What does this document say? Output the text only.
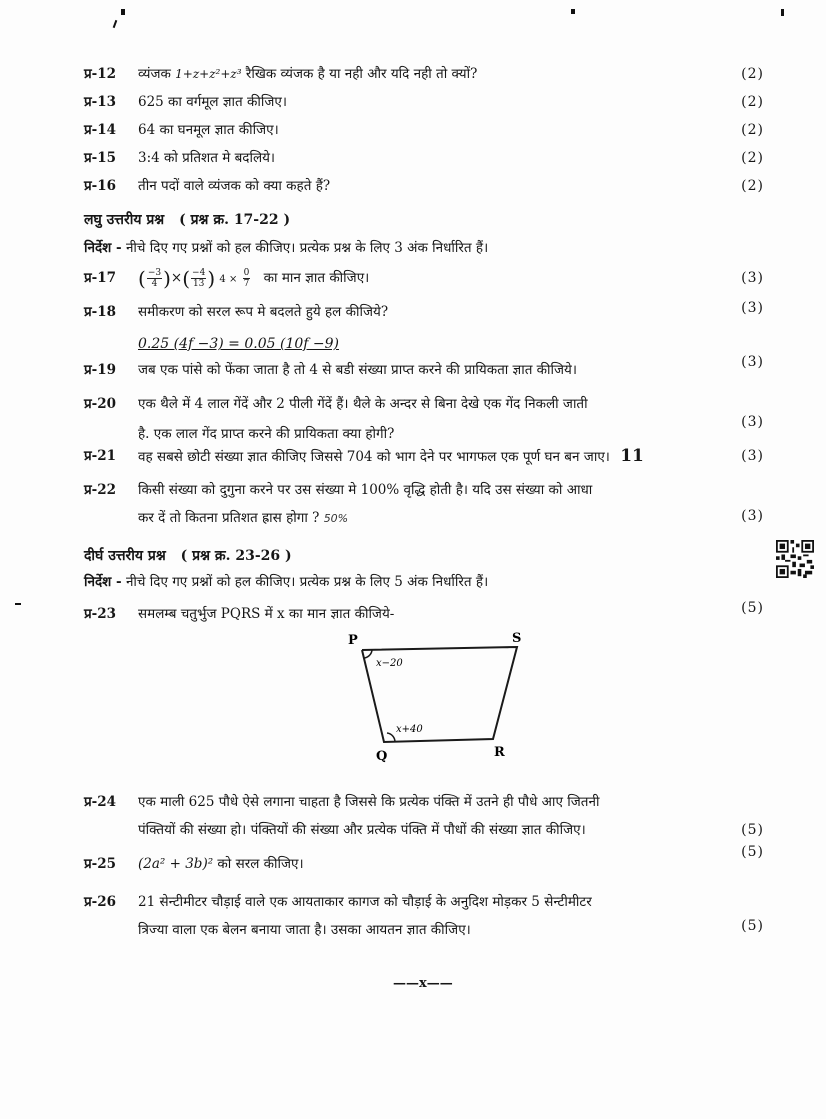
प्र-12	व्यंजक 1+z+z²+z³ रैखिक व्यंजक है या नही और यदि नही तो क्यों?	(2)
प्र-13	625 का वर्गमूल ज्ञात कीजिए।	(2)
प्र-14	64 का घनमूल ज्ञात कीजिए।	(2)
प्र-15	3:4 को प्रतिशत मे बदलिये।	(2)
प्र-16	तीन पदों वाले व्यंजक को क्या कहते हैं?	(2)
लघु उत्तरीय प्रश्न ( प्रश्न क्र. 17-22 )
निर्देश - नीचे दिए गए प्रश्नों को हल कीजिए। प्रत्येक प्रश्न के लिए 3 अंक निर्धारित हैं।
प्र-17	( $\frac{-3}{4}$ )×( $\frac{-4}{13}$ ) $4 \times \frac{0}{7}$ का मान ज्ञात कीजिए।	(3)
प्र-18	समीकरण को सरल रूप मे बदलते हुये हल कीजिये?	(3)
0.25 (4f −3) = 0.05 (10f −9)
प्र-19	जब एक पांसे को फेंका जाता है तो 4 से बडी संख्या प्राप्त करने की प्रायिकता ज्ञात कीजिये।	(3)
प्र-20	एक थैले में 4 लाल गेंदें और 2 पीली गेंदें हैं। थैले के अन्दर से बिना देखे एक गेंद निकली जाती
है. एक लाल गेंद प्राप्त करने की प्रायिकता क्या होगी?
(3)
प्र-21	वह सबसे छोटी संख्या ज्ञात कीजिए जिससे 704 को भाग देने पर भागफल एक पूर्ण घन बन जाए। 11	(3)
प्र-22	किसी संख्या को दुगुना करने पर उस संख्या मे 100% वृद्धि होती है। यदि उस संख्या को आधा
कर दें तो कितना प्रतिशत ह्रास होगा ? 50%	(3)
दीर्घ उत्तरीय प्रश्न ( प्रश्न क्र. 23-26 )
निर्देश - नीचे दिए गए प्रश्नों को हल कीजिए। प्रत्येक प्रश्न के लिए 5 अंक निर्धारित हैं।
प्र-23	समलम्ब चतुर्भुज PQRS में x का मान ज्ञात कीजिये-	(5)
P	S
Q	R
x−20
x+40
प्र-24	एक माली 625 पौधे ऐसे लगाना चाहता है जिससे कि प्रत्येक पंक्ति में उतने ही पौधे आए जितनी
पंक्तियों की संख्या हो। पंक्तियों की संख्या और प्रत्येक पंक्ति में पौधों की संख्या ज्ञात कीजिए।	(5)
प्र-25	(2a² + 3b)² को सरल कीजिए।
(5)
प्र-26	21 सेन्टीमीटर चौड़ाई वाले एक आयताकार कागज को चौड़ाई के अनुदिश मोड़कर 5 सेन्टीमीटर
त्रिज्या वाला एक बेलन बनाया जाता है। उसका आयतन ज्ञात कीजिए।	(5)
——x——
